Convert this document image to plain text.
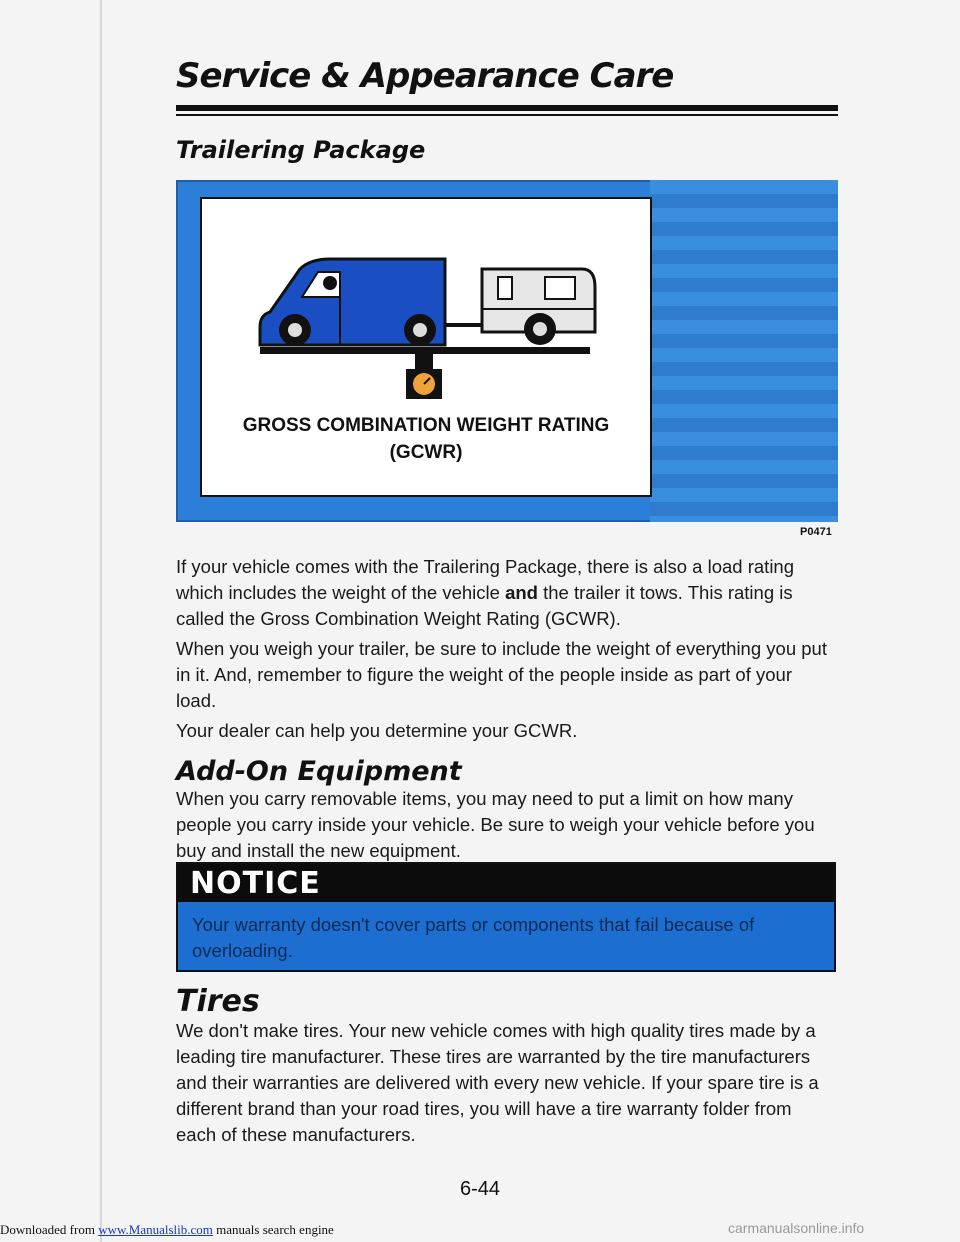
Service & Appearance Care
Trailering Package
GROSS COMBINATION WEIGHT RATING
(GCWR)
P0471
If your vehicle comes with the Trailering Package, there is also a load rating which includes the weight of the vehicle and the trailer it tows. This rating is called the Gross Combination Weight Rating (GCWR).
When you weigh your trailer, be sure to include the weight of everything you put in it. And, remember to figure the weight of the people inside as part of your load.
Your dealer can help you determine your GCWR.
Add-On Equipment
When you carry removable items, you may need to put a limit on how many people you carry inside your vehicle. Be sure to weigh your vehicle before you buy and install the new equipment.
NOTICE
Your warranty doesn't cover parts or components that fail because of overloading.
Tires
We don't make tires. Your new vehicle comes with high quality tires made by a leading tire manufacturer. These tires are warranted by the tire manufacturers and their warranties are delivered with every new vehicle. If your spare tire is a different brand than your road tires, you will have a tire warranty folder from each of these manufacturers.
6-44
Downloaded from www.Manualslib.com manuals search engine	carmanualsonline.info
